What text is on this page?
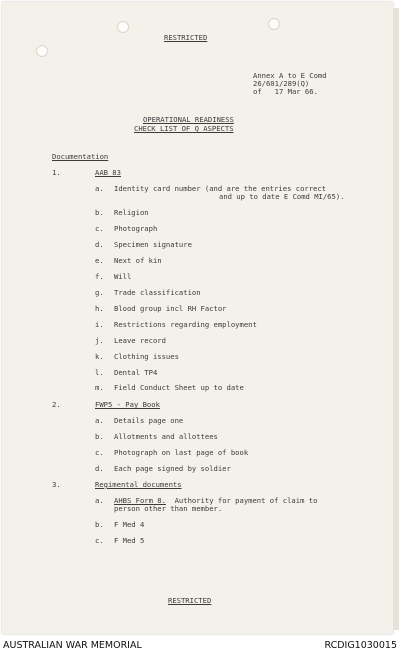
RESTRICTED
Annex A to E Comd
26/601/289(Q)
of   17 Mar 66.
OPERATIONAL READINESS
CHECK LIST OF Q ASPECTS
Documentation
1.	AAB 83
a. Identity card number (and are the entries correct
and up to date E Comd MI/65).
b. Religion
c. Photograph
d. Specimen signature
e. Next of kin
f. Will
g. Trade classification
h. Blood group incl RH Factor
i. Restrictions regarding employment
j. Leave record
k. Clothing issues
l. Dental TP4
m. Field Conduct Sheet up to date
2.	FWP5 - Pay Book
a. Details page one
b. Allotments and allottees
c. Photograph on last page of book
d. Each page signed by soldier
3.	Regimental documents
a. AHBS Form 8.  Authority for payment of claim to
person other than member.
b. F Med 4
c. F Med 5
RESTRICTED
AUSTRALIAN WAR MEMORIAL	RCDIG1030015
